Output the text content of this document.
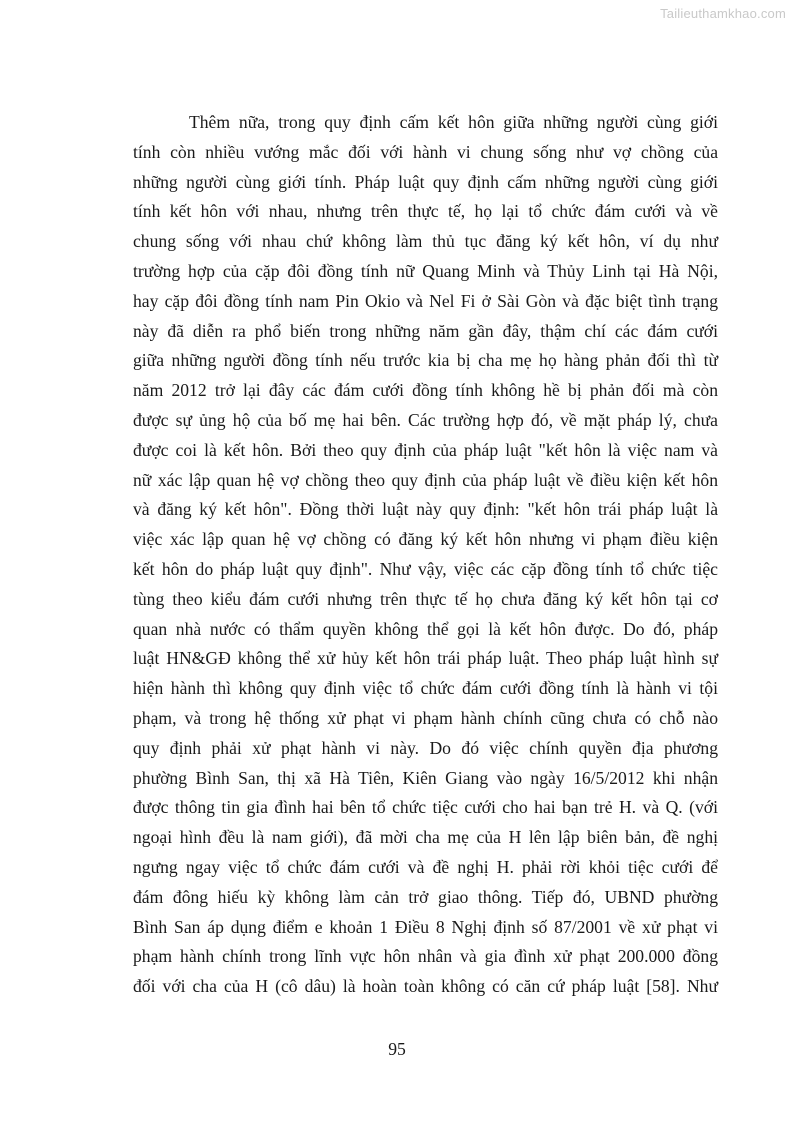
Tailieuthamkhao.com
Thêm nữa, trong quy định cấm kết hôn giữa những người cùng giới
tính còn nhiều vướng mắc đối với hành vi chung sống như vợ chồng của
những người cùng giới tính. Pháp luật quy định cấm những người cùng giới
tính kết hôn với nhau, nhưng trên thực tế, họ lại tổ chức đám cưới và về
chung sống với nhau chứ không làm thủ tục đăng ký kết hôn, ví dụ như
trường hợp của cặp đôi đồng tính nữ Quang Minh và Thủy Linh tại Hà Nội,
hay cặp đôi đồng tính nam Pin Okio và Nel Fi ở Sài Gòn và đặc biệt tình trạng
này đã diễn ra phổ biến trong những năm gần đây, thậm chí các đám cưới
giữa những người đồng tính nếu trước kia bị cha mẹ họ hàng phản đối thì từ
năm 2012 trở lại đây các đám cưới đồng tính không hề bị phản đối mà còn
được sự ủng hộ của bố mẹ hai bên. Các trường hợp đó, về mặt pháp lý, chưa
được coi là kết hôn. Bởi theo quy định của pháp luật "kết hôn là việc nam và
nữ xác lập quan hệ vợ chồng theo quy định của pháp luật về điều kiện kết hôn
và đăng ký kết hôn". Đồng thời luật này quy định: "kết hôn trái pháp luật là
việc xác lập quan hệ vợ chồng có đăng ký kết hôn nhưng vi phạm điều kiện
kết hôn do pháp luật quy định". Như vậy, việc các cặp đồng tính tổ chức tiệc
tùng theo kiểu đám cưới nhưng trên thực tế họ chưa đăng ký kết hôn tại cơ
quan nhà nước có thẩm quyền không thể gọi là kết hôn được. Do đó, pháp
luật HN&GĐ không thể xử hủy kết hôn trái pháp luật. Theo pháp luật hình sự
hiện hành thì không quy định việc tổ chức đám cưới đồng tính là hành vi tội
phạm, và trong hệ thống xử phạt vi phạm hành chính cũng chưa có chỗ nào
quy định phải xử phạt hành vi này. Do đó việc chính quyền địa phương
phường Bình San, thị xã Hà Tiên, Kiên Giang vào ngày 16/5/2012 khi nhận
được thông tin gia đình hai bên tổ chức tiệc cưới cho hai bạn trẻ H. và Q. (với
ngoại hình đều là nam giới), đã mời cha mẹ của H lên lập biên bản, đề nghị
ngưng ngay việc tổ chức đám cưới và đề nghị H. phải rời khỏi tiệc cưới để
đám đông hiếu kỳ không làm cản trở giao thông. Tiếp đó, UBND phường
Bình San áp dụng điểm e khoản 1 Điều 8 Nghị định số 87/2001 về xử phạt vi
phạm hành chính trong lĩnh vực hôn nhân và gia đình xử phạt 200.000 đồng
đối với cha của H (cô dâu) là hoàn toàn không có căn cứ pháp luật [58]. Như
95
